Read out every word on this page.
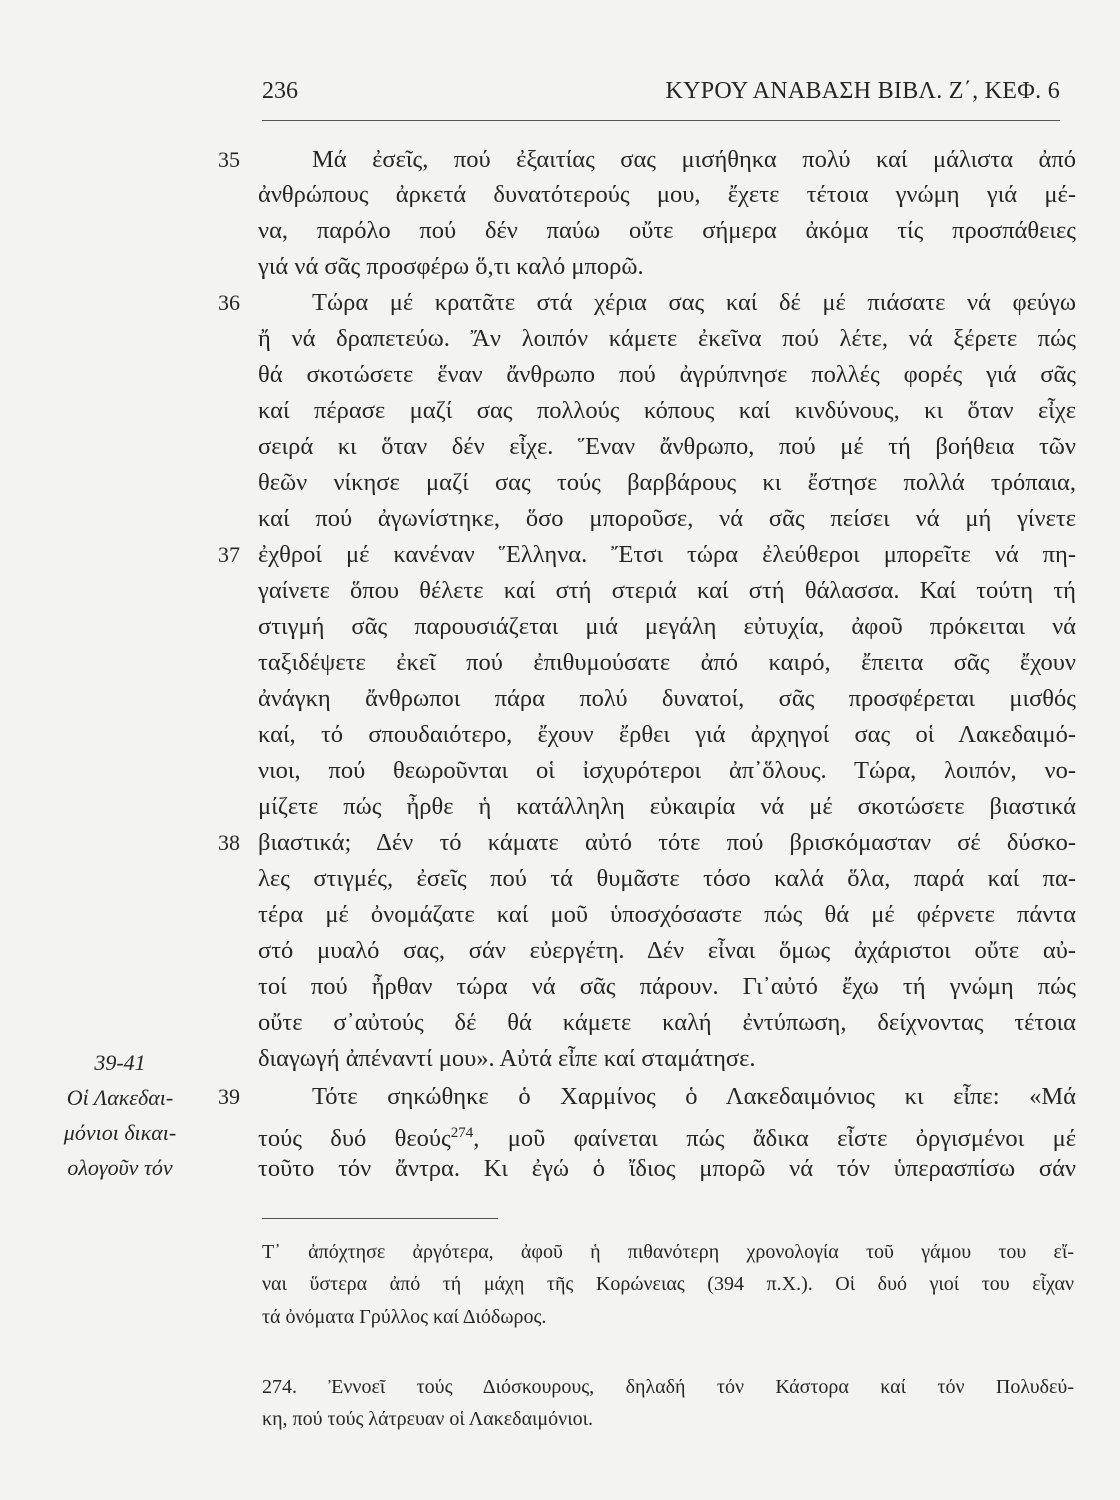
236	ΚΥΡΟΥ ΑΝΑΒΑΣΗ ΒΙΒΛ. Ζ΄, ΚΕΦ. 6
35	Μά ἐσεῖς, πού ἐξαιτίας σας μισήθηκα πολύ καί μάλιστα ἀπό
ἀνθρώπους ἀρκετά δυνατότερούς μου, ἔχετε τέτοια γνώμη γιά μέ-
να, παρόλο πού δέν παύω οὔτε σήμερα ἀκόμα τίς προσπάθειες
γιά νά σᾶς προσφέρω ὅ,τι καλό μπορῶ.
36	Τώρα μέ κρατᾶτε στά χέρια σας καί δέ μέ πιάσατε νά φεύγω
ἤ νά δραπετεύω. Ἄν λοιπόν κάμετε ἐκεῖνα πού λέτε, νά ξέρετε πώς
θά σκοτώσετε ἕναν ἄνθρωπο πού ἀγρύπνησε πολλές φορές γιά σᾶς
καί πέρασε μαζί σας πολλούς κόπους καί κινδύνους, κι ὅταν εἶχε
σειρά κι ὅταν δέν εἶχε. Ἕναν ἄνθρωπο, πού μέ τή βοήθεια τῶν
θεῶν νίκησε μαζί σας τούς βαρβάρους κι ἔστησε πολλά τρόπαια,
καί πού ἀγωνίστηκε, ὅσο μποροῦσε, νά σᾶς πείσει νά μή γίνετε
37 ἐχθροί μέ κανέναν Ἕλληνα. Ἔτσι τώρα ἐλεύθεροι μπορεῖτε νά πη-
γαίνετε ὅπου θέλετε καί στή στεριά καί στή θάλασσα. Καί τούτη τή
στιγμή σᾶς παρουσιάζεται μιά μεγάλη εὐτυχία, ἀφοῦ πρόκειται νά
ταξιδέψετε ἐκεῖ πού ἐπιθυμούσατε ἀπό καιρό, ἔπειτα σᾶς ἔχουν
ἀνάγκη ἄνθρωποι πάρα πολύ δυνατοί, σᾶς προσφέρεται μισθός
καί, τό σπουδαιότερο, ἔχουν ἔρθει γιά ἀρχηγοί σας οἱ Λακεδαιμό-
νιοι, πού θεωροῦνται οἱ ἰσχυρότεροι ἀπ᾽ὅλους. Τώρα, λοιπόν, νο-
μίζετε πώς ἦρθε ἡ κατάλληλη εὐκαιρία νά μέ σκοτώσετε βιαστικά
38 βιαστικά; Δέν τό κάματε αὐτό τότε πού βρισκόμασταν σέ δύσκο-
λες στιγμές, ἐσεῖς πού τά θυμᾶστε τόσο καλά ὅλα, παρά καί πα-
τέρα μέ ὀνομάζατε καί μοῦ ὑποσχόσαστε πώς θά μέ φέρνετε πάντα
στό μυαλό σας, σάν εὐεργέτη. Δέν εἶναι ὅμως ἀχάριστοι οὔτε αὐ-
τοί πού ἦρθαν τώρα νά σᾶς πάρουν. Γι᾽αὐτό ἔχω τή γνώμη πώς
οὔτε σ᾽αὐτούς δέ θά κάμετε καλή ἐντύπωση, δείχνοντας τέτοια
διαγωγή ἀπέναντί μου». Αὐτά εἶπε καί σταμάτησε.
39	Τότε σηκώθηκε ὁ Χαρμίνος ὁ Λακεδαιμόνιος κι εἶπε: «Μά
τούς δυό θεούς$^{274}$, μοῦ φαίνεται πώς ἄδικα εἶστε ὀργισμένοι μέ
τοῦτο τόν ἄντρα. Κι ἐγώ ὁ ἴδιος μπορῶ νά τόν ὑπερασπίσω σάν
39-41
Οἱ Λακεδαι-
μόνιοι δικαι-
ολογοῦν τόν
Τ᾽ ἀπόχτησε ἀργότερα, ἀφοῦ ἡ πιθανότερη χρονολογία τοῦ γάμου του εἴ-
ναι ὕστερα ἀπό τή μάχη τῆς Κορώνειας (394 π.Χ.). Οἱ δυό γιοί του εἶχαν
τά ὀνόματα Γρύλλος καί Διόδωρος.
274. Ἐννοεῖ τούς Διόσκουρους, δηλαδή τόν Κάστορα καί τόν Πολυδεύ-
κη, πού τούς λάτρευαν οἱ Λακεδαιμόνιοι.
